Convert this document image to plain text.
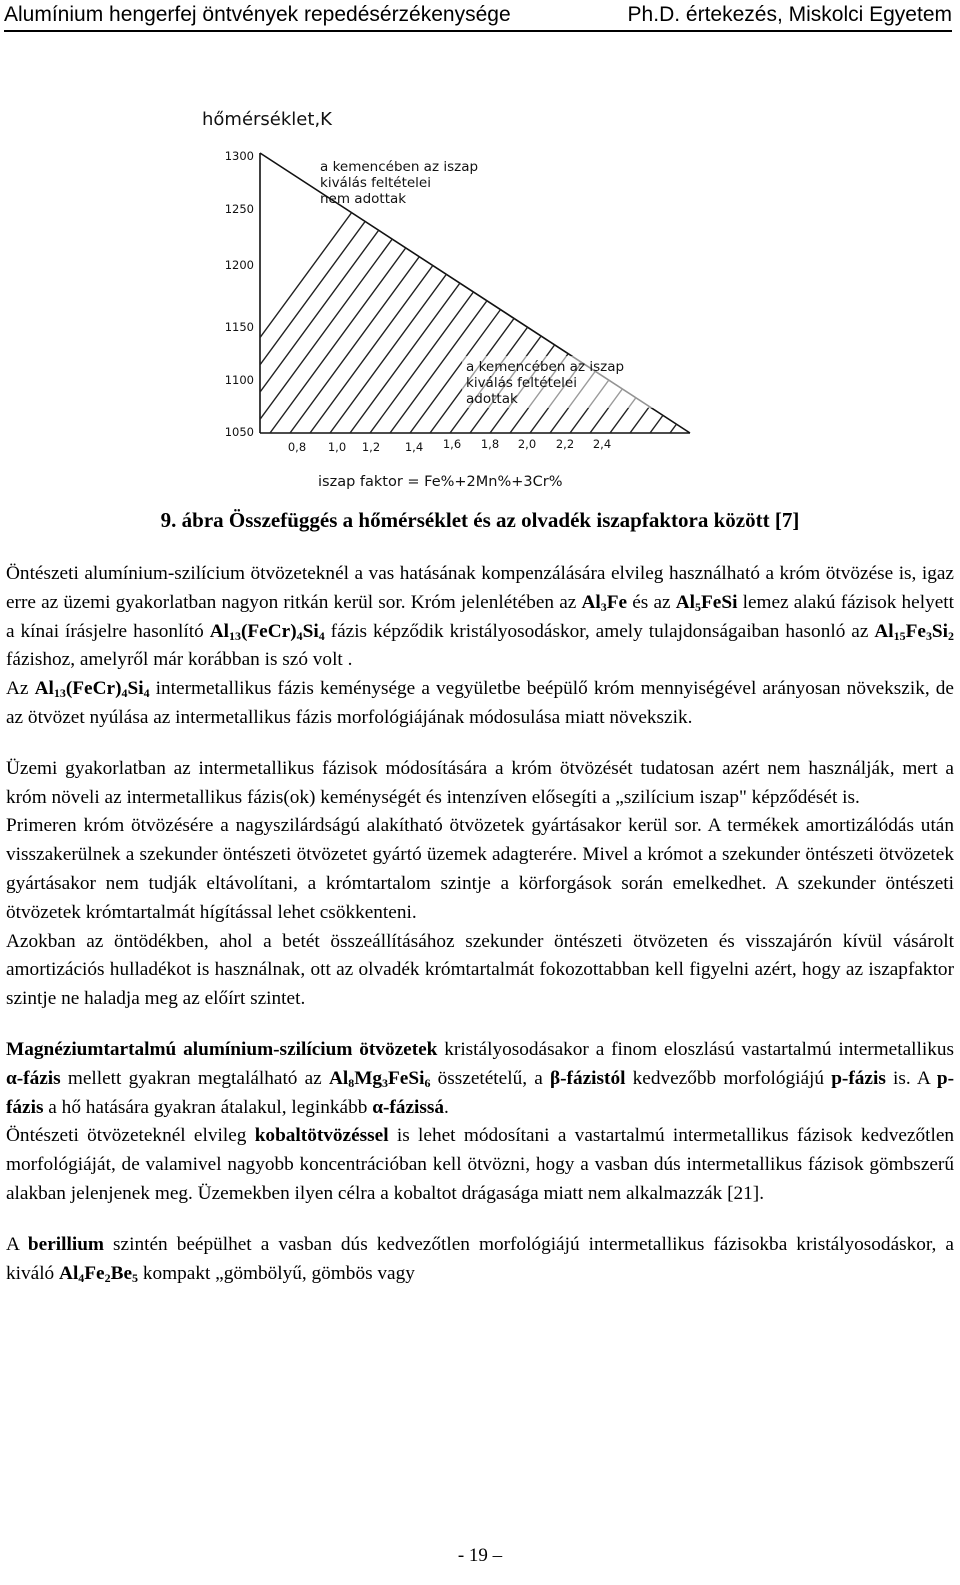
Alumínium hengerfej öntvények repedésérzékenysége	Ph.D. értekezés, Miskolci Egyetem
hőmérséklet,K
1300
1250
1200
1150
1100
1050
0,8 1,0 1,2 1,4 1,6 1,8 2,0 2,2 2,4
iszap faktor = Fe%+2Mn%+3Cr%
a kemencében az iszap
kiválás feltételei
nem adottak
a kemencében az iszap
kiválás feltételei
adottak
9. ábra Összefüggés a hőmérséklet és az olvadék iszapfaktora között [7]

Öntészeti alumínium-szilícium ötvözeteknél a vas hatásának kompenzálására elvileg használható a króm ötvözése is, igaz erre az üzemi gyakorlatban nagyon ritkán kerül sor. Króm jelenlétében az $Al_3Fe$ és az $Al_5FeSi$ lemez alakú fázisok helyett a kínai írásjelre hasonlító $Al_{13}(FeCr)_4Si_4$ fázis képződik kristályosodáskor, amely tulajdonságaiban hasonló az $Al_{15}Fe_3Si_2$ fázishoz, amelyről már korábban is szó volt .

Az $Al_{13}(FeCr)_4Si_4$ intermetallikus fázis keménysége a vegyületbe beépülő króm mennyiségével arányosan növekszik, de az ötvözet nyúlása az intermetallikus fázis morfológiájának módosulása miatt növekszik.

Üzemi gyakorlatban az intermetallikus fázisok módosítására a króm ötvözését tudatosan azért nem használják, mert a króm növeli az intermetallikus fázis(ok) keménységét és intenzíven elősegíti a „szilícium iszap" képződését is.

Primeren króm ötvözésére a nagyszilárdságú alakítható ötvözetek gyártásakor kerül sor. A termékek amortizálódás után visszakerülnek a szekunder öntészeti ötvözetet gyártó üzemek adagterére. Mivel a krómot a szekunder öntészeti ötvözetek gyártásakor nem tudják eltávolítani, a krómtartalom szintje a körforgások során emelkedhet. A szekunder öntészeti ötvözetek krómtartalmát hígítással lehet csökkenteni.

Azokban az öntödékben, ahol a betét összeállításához szekunder öntészeti ötvözeten és visszajárón kívül vásárolt amortizációs hulladékot is használnak, ott az olvadék krómtartalmát fokozottabban kell figyelni azért, hogy az iszapfaktor szintje ne haladja meg az előírt szintet.

Magnéziumtartalmú alumínium-szilícium ötvözetek kristályosodásakor a finom eloszlású vastartalmú intermetallikus α-fázis mellett gyakran megtalálható az $Al_8Mg_3FeSi_6$ összetételű, a β-fázistól kedvezőbb morfológiájú p-fázis is. A p-fázis a hő hatására gyakran átalakul, leginkább α-fázissá.

Öntészeti ötvözeteknél elvileg kobaltötvözéssel is lehet módosítani a vastartalmú intermetallikus fázisok kedvezőtlen morfológiáját, de valamivel nagyobb koncentrációban kell ötvözni, hogy a vasban dús intermetallikus fázisok gömbszerű alakban jelenjenek meg. Üzemekben ilyen célra a kobaltot drágasága miatt nem alkalmazzák [21].

A berillium szintén beépülhet a vasban dús kedvezőtlen morfológiájú intermetallikus fázisokba kristályosodáskor, a kiváló $Al_4Fe_2Be_5$ kompakt „gömbölyű, gömbös vagy

- 19 –
